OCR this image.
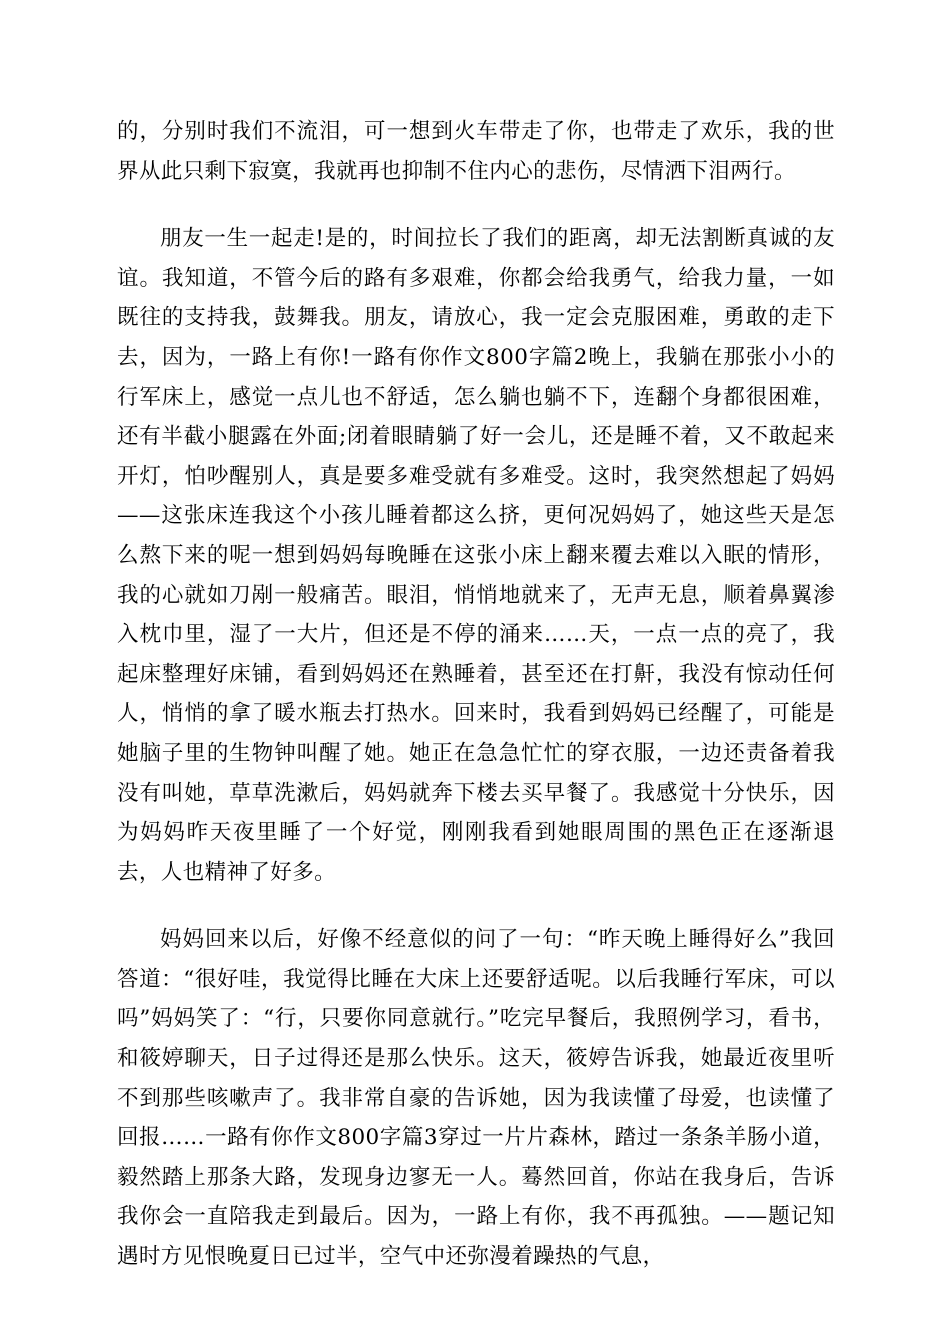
的，分别时我们不流泪，可一想到火车带走了你，也带走了欢乐，我的世界从此只剩下寂寞，我就再也抑制不住内心的悲伤，尽情洒下泪两行。

朋友一生一起走!是的，时间拉长了我们的距离，却无法割断真诚的友谊。我知道，不管今后的路有多艰难，你都会给我勇气，给我力量，一如既往的支持我，鼓舞我。朋友，请放心，我一定会克服困难，勇敢的走下去，因为，一路上有你!一路有你作文800字篇2晚上，我躺在那张小小的行军床上，感觉一点儿也不舒适，怎么躺也躺不下，连翻个身都很困难，还有半截小腿露在外面;闭着眼睛躺了好一会儿，还是睡不着，又不敢起来开灯，怕吵醒别人，真是要多难受就有多难受。这时，我突然想起了妈妈——这张床连我这个小孩儿睡着都这么挤，更何况妈妈了，她这些天是怎么熬下来的呢一想到妈妈每晚睡在这张小床上翻来覆去难以入眠的情形，我的心就如刀剐一般痛苦。眼泪，悄悄地就来了，无声无息，顺着鼻翼渗入枕巾里，湿了一大片，但还是不停的涌来……天，一点一点的亮了，我起床整理好床铺，看到妈妈还在熟睡着，甚至还在打鼾，我没有惊动任何人，悄悄的拿了暖水瓶去打热水。回来时，我看到妈妈已经醒了，可能是她脑子里的生物钟叫醒了她。她正在急急忙忙的穿衣服，一边还责备着我没有叫她，草草洗漱后，妈妈就奔下楼去买早餐了。我感觉十分快乐，因为妈妈昨天夜里睡了一个好觉，刚刚我看到她眼周围的黑色正在逐渐退去，人也精神了好多。

妈妈回来以后，好像不经意似的问了一句：“昨天晚上睡得好么”我回答道：“很好哇，我觉得比睡在大床上还要舒适呢。以后我睡行军床，可以吗”妈妈笑了：“行，只要你同意就行。”吃完早餐后，我照例学习，看书，和筱婷聊天，日子过得还是那么快乐。这天，筱婷告诉我，她最近夜里听不到那些咳嗽声了。我非常自豪的告诉她，因为我读懂了母爱，也读懂了回报……一路有你作文800字篇3穿过一片片森林，踏过一条条羊肠小道，毅然踏上那条大路，发现身边寥无一人。蓦然回首，你站在我身后，告诉我你会一直陪我走到最后。因为，一路上有你，我不再孤独。——题记知遇时方见恨晚夏日已过半，空气中还弥漫着躁热的气息，
